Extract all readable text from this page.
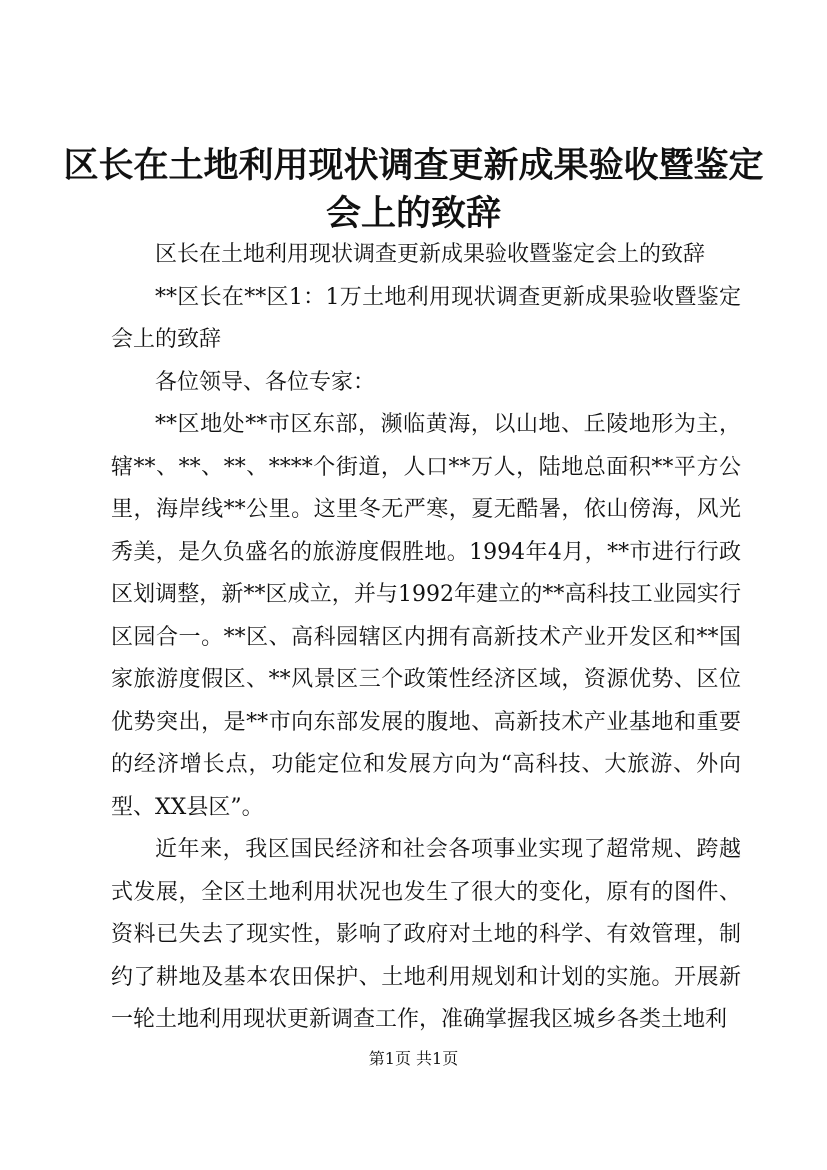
区长在土地利用现状调查更新成果验收暨鉴定会上的致辞

区长在土地利用现状调查更新成果验收暨鉴定会上的致辞

**区长在**区1：1万土地利用现状调查更新成果验收暨鉴定会上的致辞

各位领导、各位专家：

**区地处**市区东部，濒临黄海，以山地、丘陵地形为主，辖**、**、**、****个街道，人口**万人，陆地总面积**平方公里，海岸线**公里。这里冬无严寒，夏无酷暑，依山傍海，风光秀美，是久负盛名的旅游度假胜地。1994年4月，**市进行行政区划调整，新**区成立，并与1992年建立的**高科技工业园实行区园合一。**区、高科园辖区内拥有高新技术产业开发区和**国家旅游度假区、**风景区三个政策性经济区域，资源优势、区位优势突出，是**市向东部发展的腹地、高新技术产业基地和重要的经济增长点，功能定位和发展方向为“高科技、大旅游、外向型、XX县区”。

近年来，我区国民经济和社会各项事业实现了超常规、跨越式发展，全区土地利用状况也发生了很大的变化，原有的图件、资料已失去了现实性，影响了政府对土地的科学、有效管理，制约了耕地及基本农田保护、土地利用规划和计划的实施。开展新一轮土地利用现状更新调查工作，准确掌握我区城乡各类土地利

第1页 共1页
